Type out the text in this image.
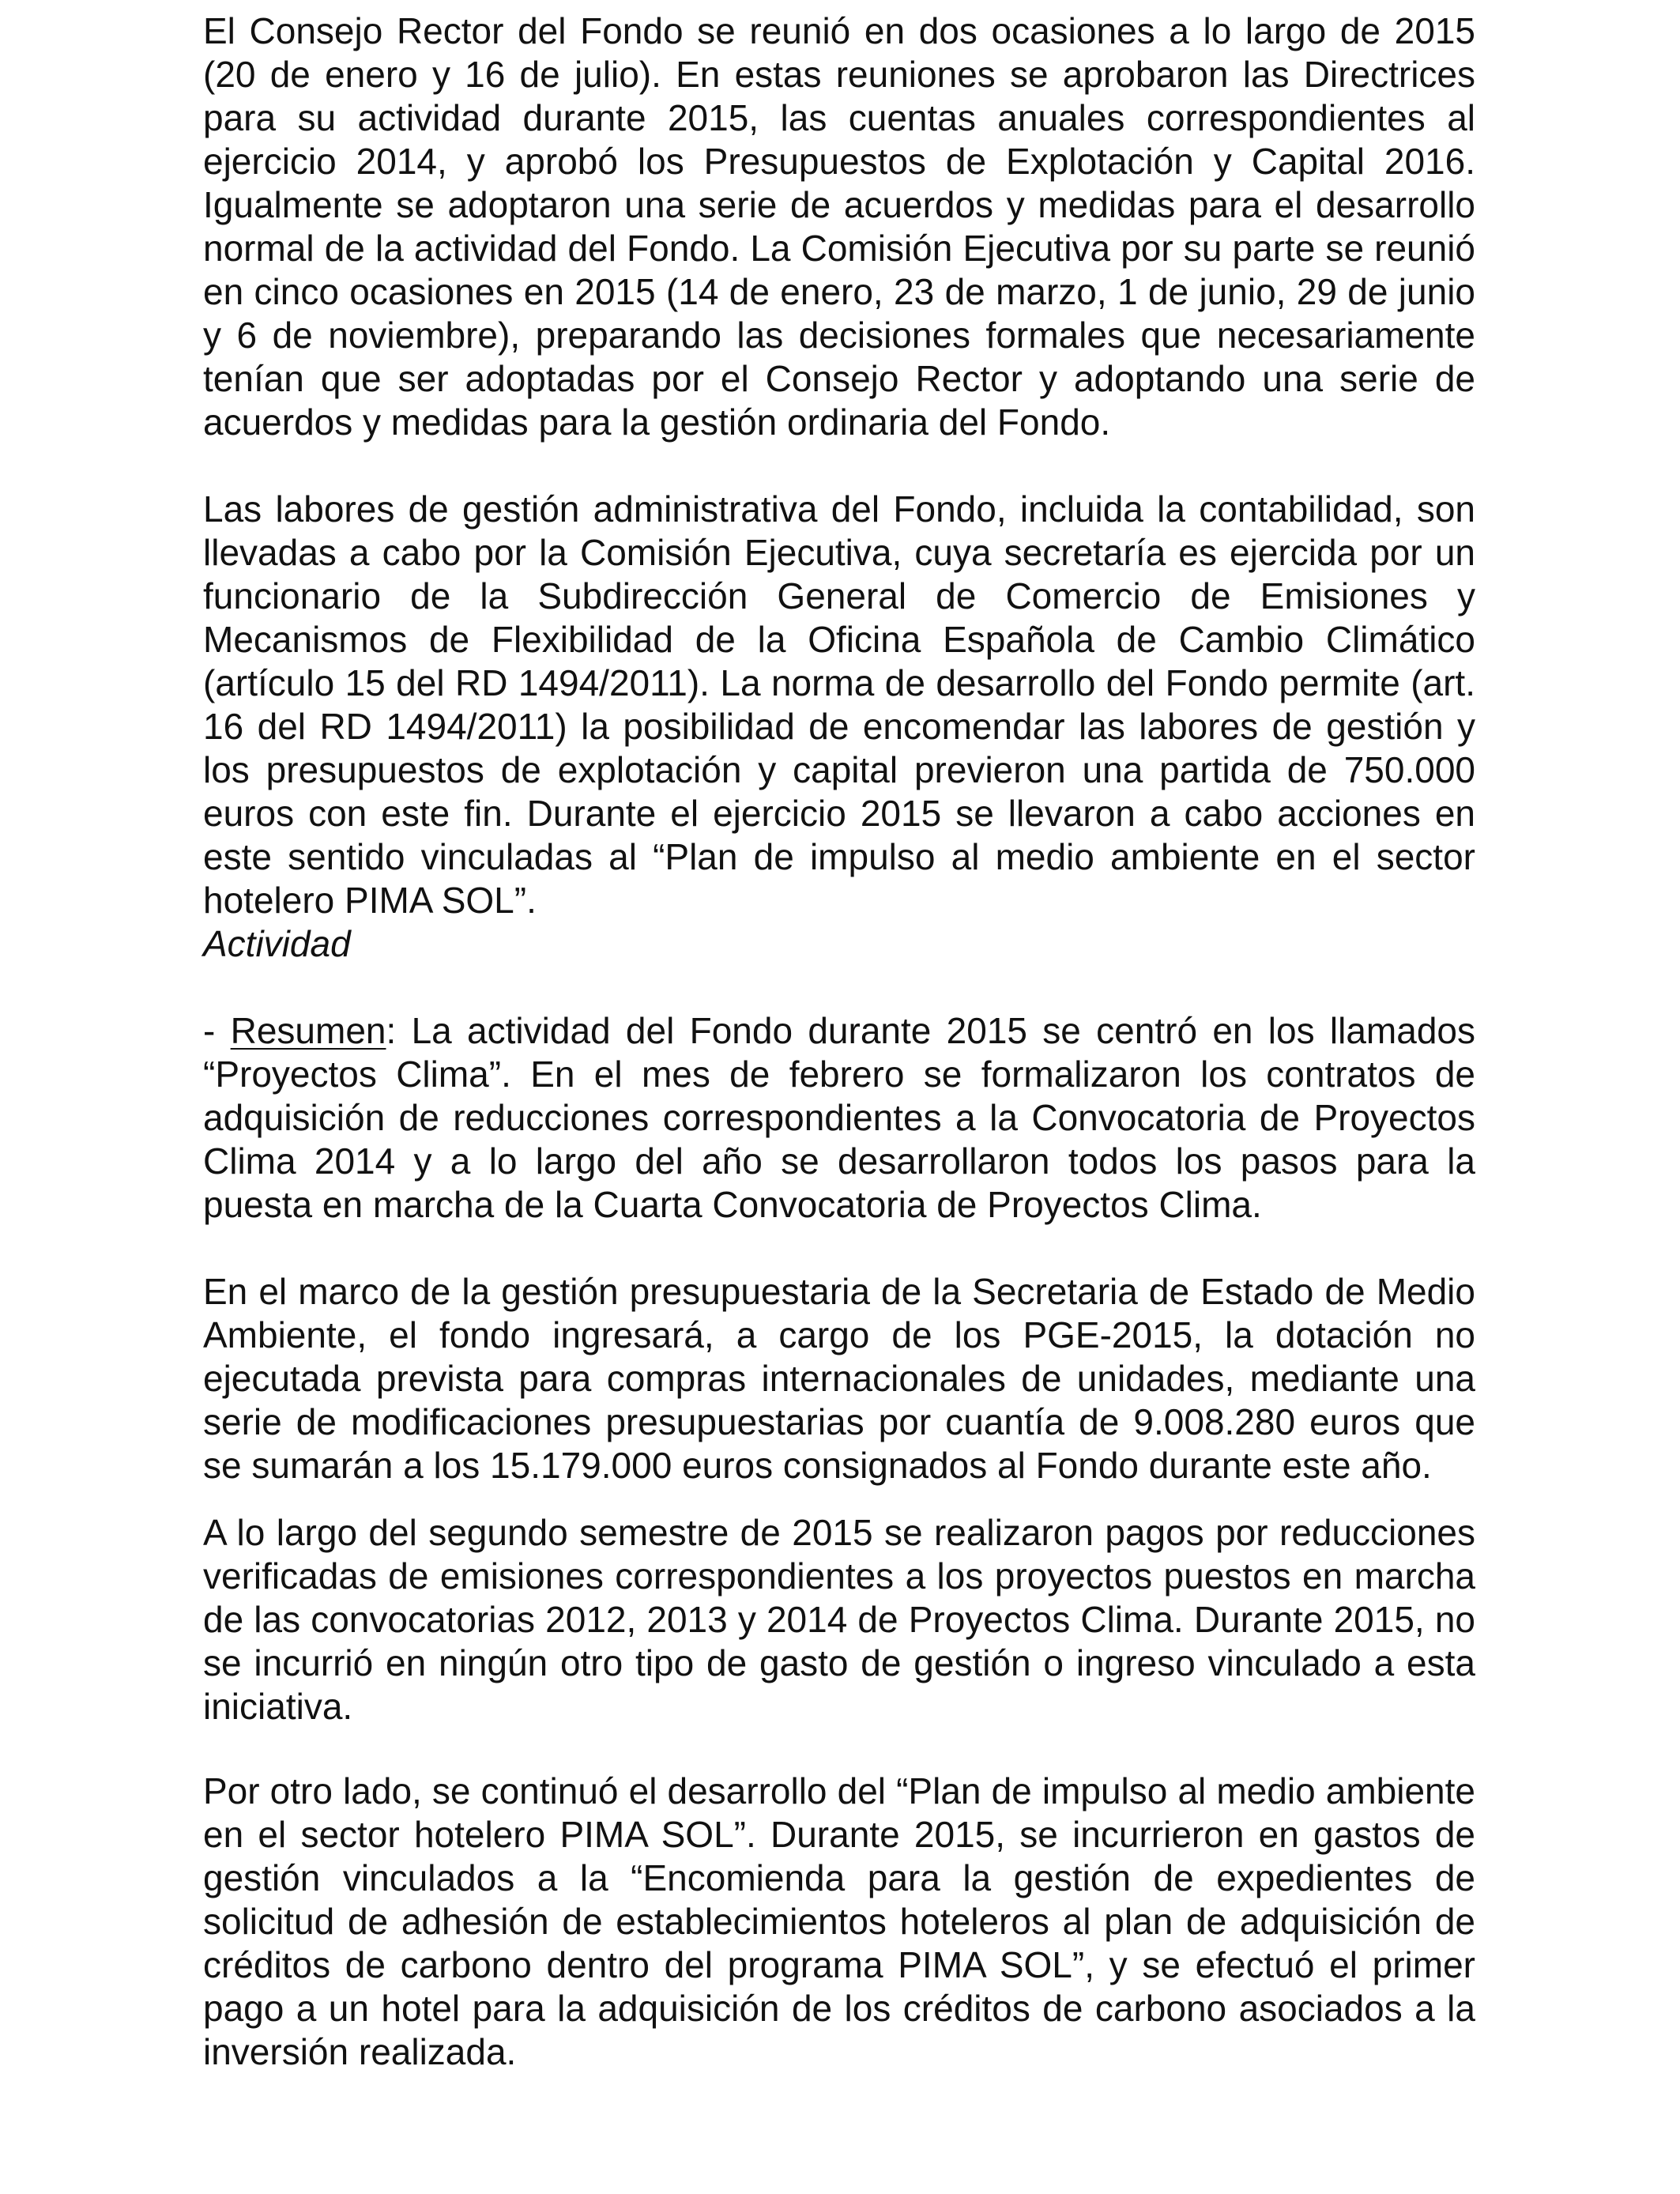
El Consejo Rector del Fondo se reunió en dos ocasiones a lo largo de 2015 (20 de enero y 16 de julio). En estas reuniones se aprobaron las Directrices para su actividad durante 2015, las cuentas anuales correspondientes al ejercicio 2014, y aprobó los Presupuestos de Explotación y Capital 2016. Igualmente se adoptaron una serie de acuerdos y medidas para el desarrollo normal de la actividad del Fondo. La Comisión Ejecutiva por su parte se reunió en cinco ocasiones en 2015 (14 de enero, 23 de marzo, 1 de junio, 29 de junio y 6 de noviembre), preparando las decisiones formales que necesariamente tenían que ser adoptadas por el Consejo Rector y adoptando una serie de acuerdos y medidas para la gestión ordinaria del Fondo.

Las labores de gestión administrativa del Fondo, incluida la contabilidad, son llevadas a cabo por la Comisión Ejecutiva, cuya secretaría es ejercida por un funcionario de la Subdirección General de Comercio de Emisiones y Mecanismos de Flexibilidad de la Oficina Española de Cambio Climático (artículo 15 del RD 1494/2011). La norma de desarrollo del Fondo permite (art. 16 del RD 1494/2011) la posibilidad de encomendar las labores de gestión y los presupuestos de explotación y capital previeron una partida de 750.000 euros con este fin. Durante el ejercicio 2015 se llevaron a cabo acciones en este sentido vinculadas al “Plan de impulso al medio ambiente en el sector hotelero PIMA SOL”.

Actividad

- Resumen: La actividad del Fondo durante 2015 se centró en los llamados “Proyectos Clima”. En el mes de febrero se formalizaron los contratos de adquisición de reducciones correspondientes a la Convocatoria de Proyectos Clima 2014 y a lo largo del año se desarrollaron todos los pasos para la puesta en marcha de la Cuarta Convocatoria de Proyectos Clima.

En el marco de la gestión presupuestaria de la Secretaria de Estado de Medio Ambiente, el fondo ingresará, a cargo de los PGE-2015, la dotación no ejecutada prevista para compras internacionales de unidades, mediante una serie de modificaciones presupuestarias por cuantía de 9.008.280 euros que se sumarán a los 15.179.000 euros consignados al Fondo durante este año.

A lo largo del segundo semestre de 2015 se realizaron pagos por reducciones verificadas de emisiones correspondientes a los proyectos puestos en marcha de las convocatorias 2012, 2013 y 2014 de Proyectos Clima. Durante 2015, no se incurrió en ningún otro tipo de gasto de gestión o ingreso vinculado a esta iniciativa.

Por otro lado, se continuó el desarrollo del “Plan de impulso al medio ambiente en el sector hotelero PIMA SOL”. Durante 2015, se incurrieron en gastos de gestión vinculados a la “Encomienda para la gestión de expedientes de solicitud de adhesión de establecimientos hoteleros al plan de adquisición de créditos de carbono dentro del programa PIMA SOL”, y se efectuó el primer pago a un hotel para la adquisición de los créditos de carbono asociados a la inversión realizada.
